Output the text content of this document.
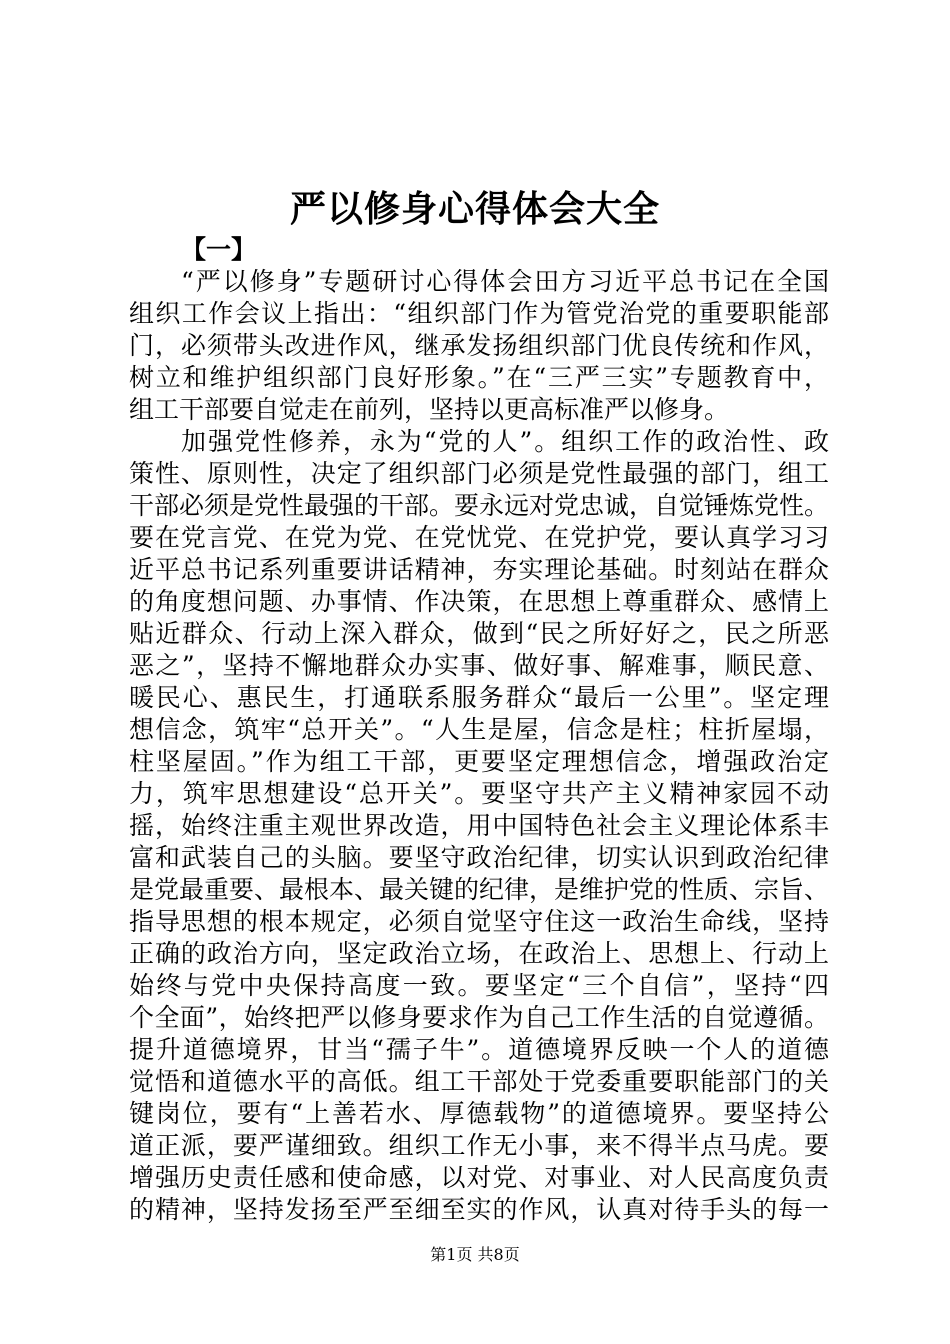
严以修身心得体会大全
【一】
“严以修身”专题研讨心得体会田方习近平总书记在全国
组织工作会议上指出：“组织部门作为管党治党的重要职能部
门，必须带头改进作风，继承发扬组织部门优良传统和作风，
树立和维护组织部门良好形象。”在“三严三实”专题教育中，
组工干部要自觉走在前列，坚持以更高标准严以修身。
加强党性修养，永为“党的人”。组织工作的政治性、政
策性、原则性，决定了组织部门必须是党性最强的部门，组工
干部必须是党性最强的干部。要永远对党忠诚，自觉锤炼党性。
要在党言党、在党为党、在党忧党、在党护党，要认真学习习
近平总书记系列重要讲话精神，夯实理论基础。时刻站在群众
的角度想问题、办事情、作决策，在思想上尊重群众、感情上
贴近群众、行动上深入群众，做到“民之所好好之，民之所恶
恶之”，坚持不懈地群众办实事、做好事、解难事，顺民意、
暖民心、惠民生，打通联系服务群众“最后一公里”。坚定理
想信念，筑牢“总开关”。“人生是屋，信念是柱；柱折屋塌，
柱坚屋固。”作为组工干部，更要坚定理想信念，增强政治定
力，筑牢思想建设“总开关”。要坚守共产主义精神家园不动
摇，始终注重主观世界改造，用中国特色社会主义理论体系丰
富和武装自己的头脑。要坚守政治纪律，切实认识到政治纪律
是党最重要、最根本、最关键的纪律，是维护党的性质、宗旨、
指导思想的根本规定，必须自觉坚守住这一政治生命线，坚持
正确的政治方向，坚定政治立场，在政治上、思想上、行动上
始终与党中央保持高度一致。要坚定“三个自信”，坚持“四
个全面”，始终把严以修身要求作为自己工作生活的自觉遵循。
提升道德境界，甘当“孺子牛”。道德境界反映一个人的道德
觉悟和道德水平的高低。组工干部处于党委重要职能部门的关
键岗位，要有“上善若水、厚德载物”的道德境界。要坚持公
道正派，要严谨细致。组织工作无小事，来不得半点马虎。要
增强历史责任感和使命感，以对党、对事业、对人民高度负责
的精神，坚持发扬至严至细至实的作风，认真对待手头的每一
第1页 共8页
